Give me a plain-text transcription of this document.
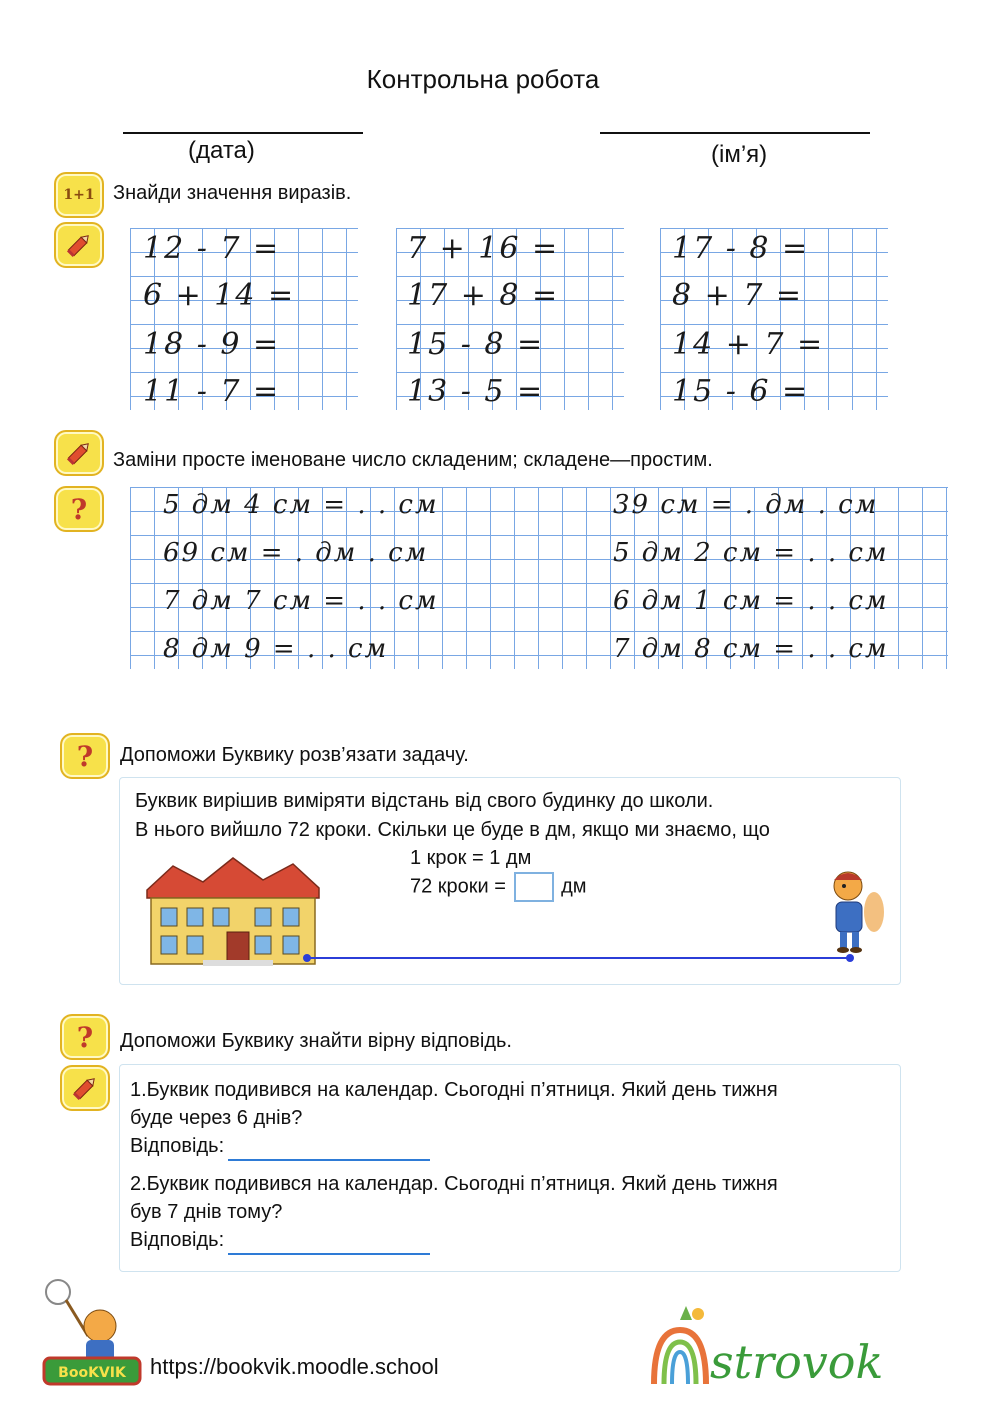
Контрольна робота
(дата)	(ім’я)
1+1 Знайди значення виразів.
12 - 7 =
6 + 14 =
18 - 9 =
11 - 7 =
7 + 16 =
17 + 8 =
15 - 8 =
13 - 5 =
17 - 8 =
8 + 7 =
14 + 7 =
15 - 6 =
Заміни просте іменоване число складеним; складене—простим.
?	5 дм 4 см = . . см
69 см = . дм . см
7 дм 7 см = . . см
8 дм 9 = . . см
39 см = . дм . см
5 дм 2 см = . . см
6 дм 1 см = . . см
7 дм 8 см = . . см
? Допоможи Буквику розв’язати задачу.
Буквик вирішив виміряти відстань від свого будинку до школи.
В нього вийшло 72 кроки. Скільки це буде в дм, якщо ми знаємо, що
1 крок = 1 дм
72 кроки =	дм
? Допоможи Буквику знайти вірну відповідь.
1.Буквик подивився на календар. Сьогодні п’ятниця. Який день тижня
буде через 6 днів?
Відповідь:
2.Буквик подивився на календар. Сьогодні п’ятниця. Який день тижня
був 7 днів тому?
Відповідь:
BooKVIK https://bookvik.moodle.school	strovok
